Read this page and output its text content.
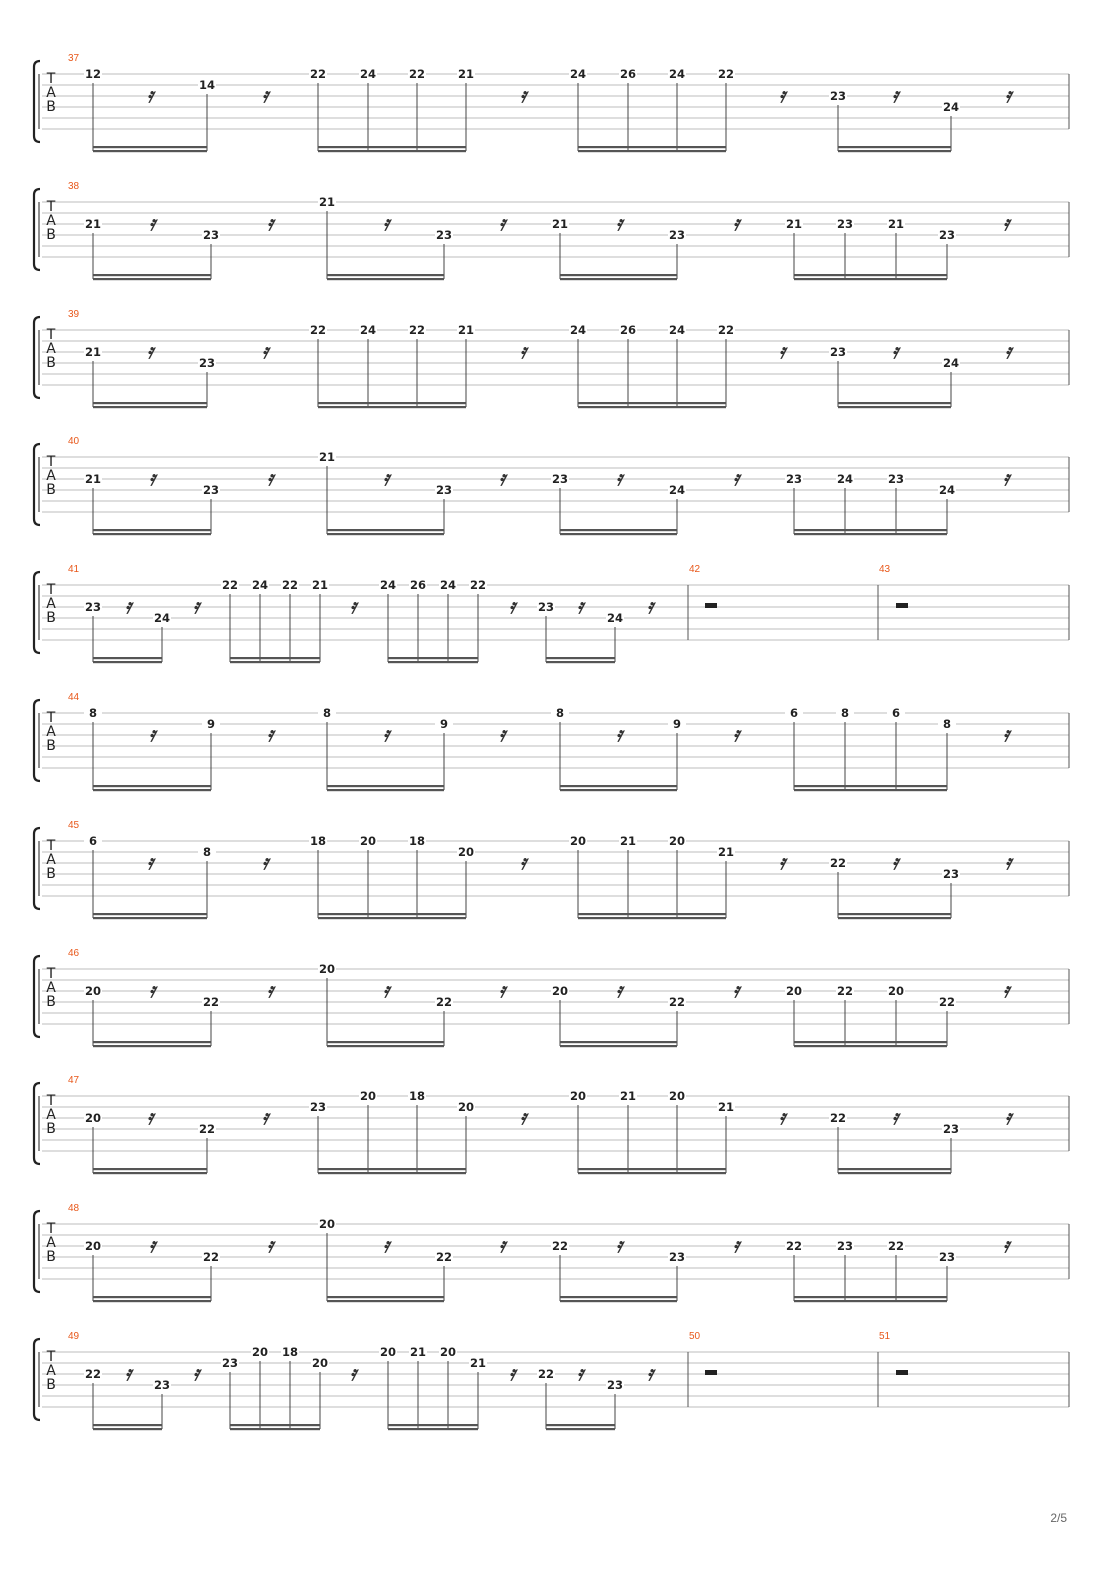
T
A
B
37
12
𝄿	14 𝄿
22	24	22	21
𝄿
24	26	24	22
𝄿	23 𝄿	24 𝄿
T
A
B
38
21 𝄿	23 𝄿
21
𝄿	23 𝄿	21 𝄿	23 𝄿	21	23	21
23 𝄿
T
A
B
39
21 𝄿	23 𝄿
22	24	22	21
𝄿
24	26	24	22
𝄿	23 𝄿	24 𝄿
T
A
B
40
21 𝄿	23 𝄿
21
𝄿	23 𝄿	23 𝄿	24 𝄿	23	24	23
24 𝄿
T
A
B
41
23 𝄿 24 𝄿
22 24 22 21
𝄿
24 26 24 22
𝄿 23 𝄿 24 𝄿
42	43
T
A
B
44
8
𝄿	9	𝄿
8
𝄿	9	𝄿
8
𝄿	9	𝄿
6	8	6
8	𝄿
T
A
B
45
6
𝄿	8	𝄿
18	20	18
20 𝄿
20	21	20
21 𝄿	22 𝄿	23 𝄿
T
A
B
46
20 𝄿	22 𝄿
20
𝄿	22 𝄿	20 𝄿	22 𝄿	20	22	20
22 𝄿
T
A
B
47
20 𝄿	22 𝄿	23
20	18
20 𝄿
20	21	20
21 𝄿	22 𝄿	23 𝄿
T
A
B
48
20 𝄿	22 𝄿
20
𝄿	22 𝄿	22 𝄿	23 𝄿	22	23	22
23 𝄿
T
A
B
49
22 𝄿 23 𝄿 23
20 18
20 𝄿
20 21 20
21 𝄿 22 𝄿 23 𝄿
50	51
2/5
